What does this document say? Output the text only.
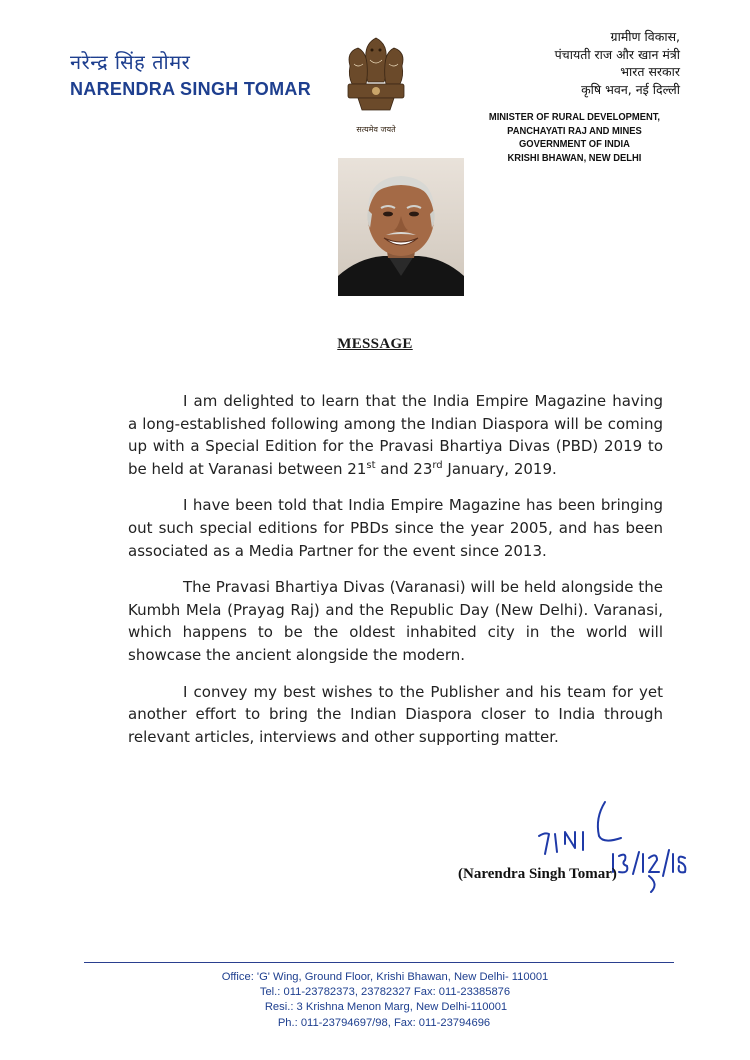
नरेन्द्र सिंह तोमर
NARENDRA SINGH TOMAR
सत्यमेव जयते
ग्रामीण विकास,
पंचायती राज और खान मंत्री
भारत सरकार
कृषि भवन, नई दिल्ली
MINISTER OF RURAL DEVELOPMENT,
PANCHAYATI RAJ AND MINES
GOVERNMENT OF INDIA
KRISHI BHAWAN, NEW DELHI
MESSAGE

I am delighted to learn that the India Empire Magazine having a long-established following among the Indian Diaspora will be coming up with a Special Edition for the Pravasi Bhartiya Divas (PBD) 2019 to be held at Varanasi between 21st and 23rd January, 2019.

I have been told that India Empire Magazine has been bringing out such special editions for PBDs since the year 2005, and has been associated as a Media Partner for the event since 2013.

The Pravasi Bhartiya Divas (Varanasi) will be held alongside the Kumbh Mela (Prayag Raj) and the Republic Day (New Delhi). Varanasi, which happens to be the oldest inhabited city in the world will showcase the ancient alongside the modern.

I convey my best wishes to the Publisher and his team for yet another effort to bring the Indian Diaspora closer to India through relevant articles, interviews and other supporting matter.

(Narendra Singh Tomar)
Office: 'G' Wing, Ground Floor, Krishi Bhawan, New Delhi- 110001
Tel.: 011-23782373, 23782327 Fax: 011-23385876
Resi.: 3 Krishna Menon Marg, New Delhi-110001
Ph.: 011-23794697/98, Fax: 011-23794696
